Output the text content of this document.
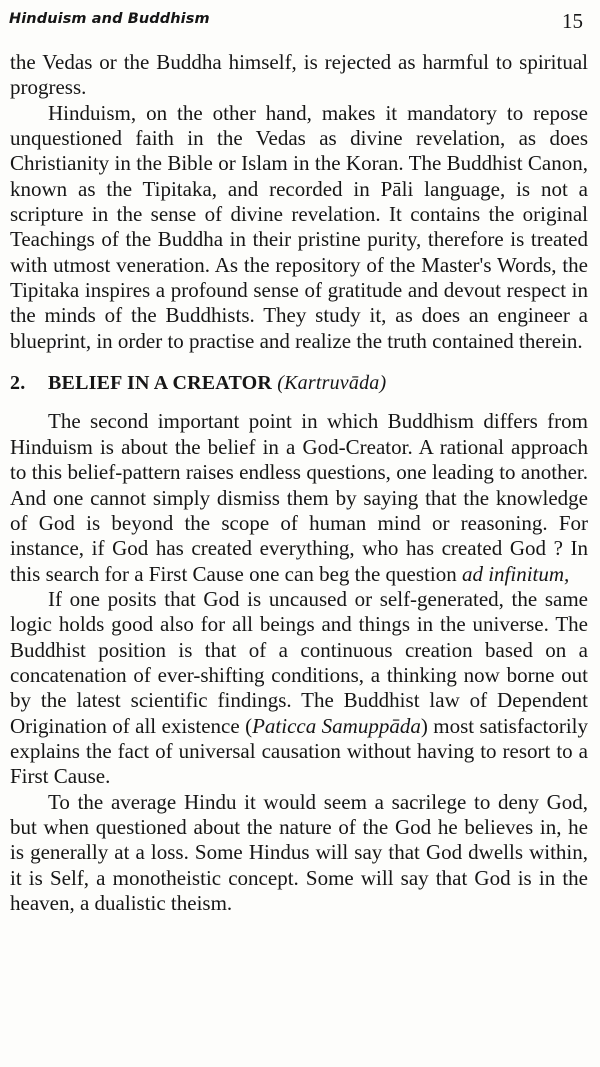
Hinduism and Buddhism	15

the Vedas or the Buddha himself, is rejected as harmful to spiritual progress.

Hinduism, on the other hand, makes it mandatory to repose unquestioned faith in the Vedas as divine revelation, as does Christianity in the Bible or Islam in the Koran. The Buddhist Canon, known as the Tipitaka, and recorded in Pāli language, is not a scripture in the sense of divine revelation. It contains the original Teachings of the Buddha in their pristine purity, therefore is treated with utmost veneration. As the repository of the Master's Words, the Tipitaka inspires a profound sense of gratitude and devout respect in the minds of the Buddhists. They study it, as does an engineer a blueprint, in order to practise and realize the truth contained therein.

2. BELIEF IN A CREATOR (Kartruvāda)

The second important point in which Buddhism differs from Hinduism is about the belief in a God-Creator. A rational approach to this belief-pattern raises endless questions, one leading to another. And one cannot simply dismiss them by saying that the knowledge of God is beyond the scope of human mind or reasoning. For instance, if God has created everything, who has created God ? In this search for a First Cause one can beg the question ad infinitum,

If one posits that God is uncaused or self-generated, the same logic holds good also for all beings and things in the universe. The Buddhist position is that of a continuous creation based on a concatenation of ever-shifting conditions, a thinking now borne out by the latest scientific findings. The Buddhist law of Dependent Origination of all existence (Paticca Samuppāda) most satisfactorily explains the fact of universal causation without having to resort to a First Cause.

To the average Hindu it would seem a sacrilege to deny God, but when questioned about the nature of the God he believes in, he is generally at a loss. Some Hindus will say that God dwells within, it is Self, a monotheistic concept. Some will say that God is in the heaven, a dualistic theism.
